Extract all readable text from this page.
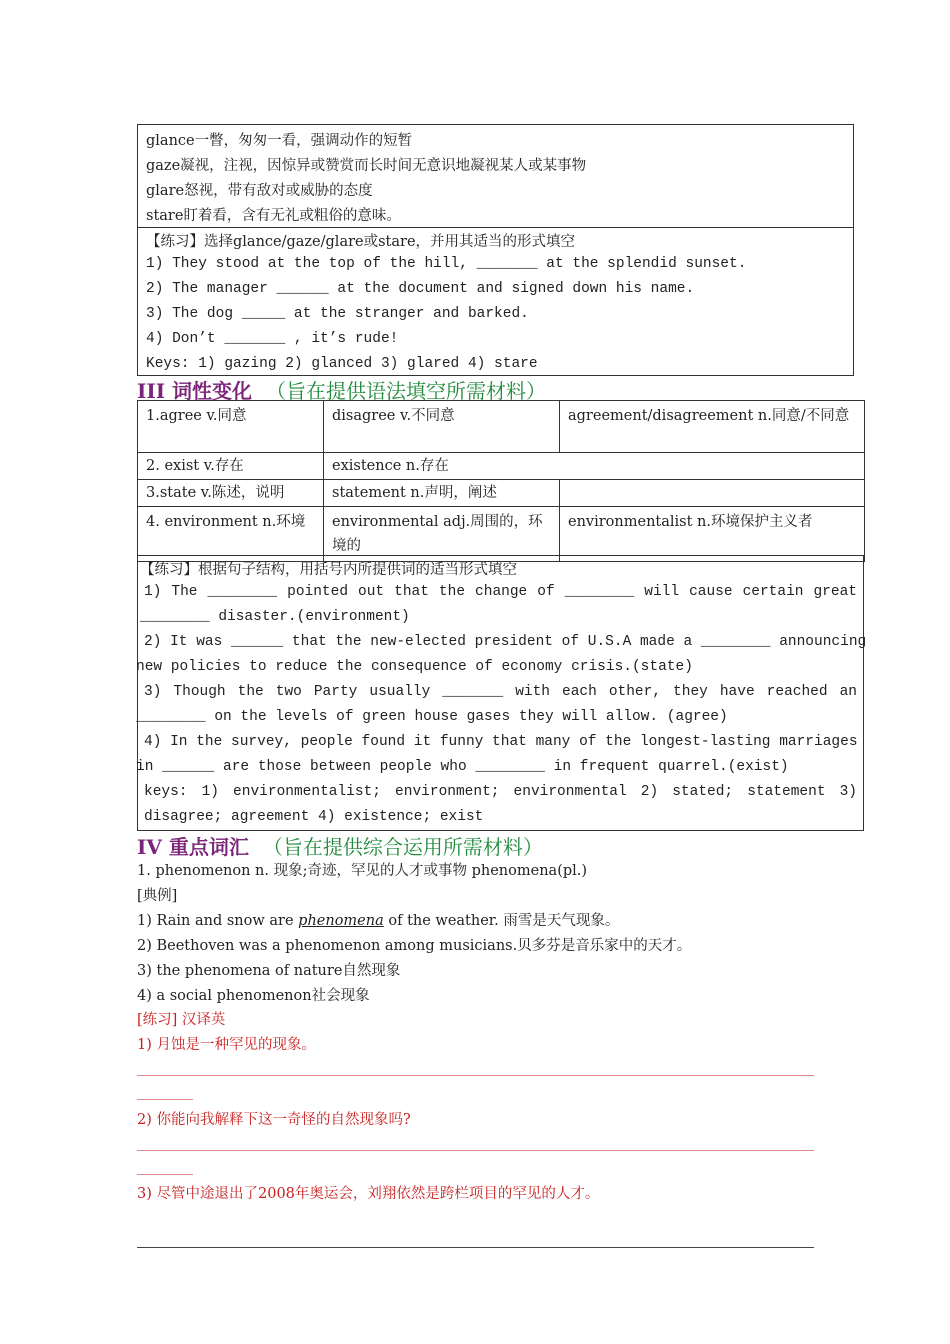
glance一瞥，匆匆一看，强调动作的短暂
gaze凝视，注视，因惊异或赞赏而长时间无意识地凝视某人或某事物
glare怒视，带有敌对或威胁的态度
stare盯着看，含有无礼或粗俗的意味。
【练习】选择glance/gaze/glare或stare，并用其适当的形式填空
1) They stood at the top of the hill, _______ at the splendid sunset.
2) The manager ______ at the document and signed down his name.
3) The dog _____ at the stranger and barked.
4) Don’t _______ , it’s rude!
Keys: 1) gazing 2) glanced 3) glared 4) stare
III 词性变化 （旨在提供语法填空所需材料）
1.agree v.同意	disagree v.不同意	agreement/disagreement n.同意/不同意
2. exist v.存在	existence n.存在	
3.state v.陈述，说明	statement n.声明，阐述	
4. environment n.环境	environmental adj.周围的，环境的	environmentalist n.环境保护主义者
【练习】根据句子结构，用括号内所提供词的适当形式填空
1) The ________ pointed out that the change of ________ will cause certain great
________ disaster.(environment)
2) It was ______ that the new-elected president of U.S.A made a ________ announcing
new policies to reduce the consequence of economy crisis.(state)
3) Though the two Party usually _______ with each other, they have reached an
________ on the levels of green house gases they will allow. (agree)
4) In the survey, people found it funny that many of the longest-lasting marriages
in ______ are those between people who ________ in frequent quarrel.(exist)
keys: 1) environmentalist; environment; environmental 2) stated; statement 3)
disagree; agreement 4) existence; exist
IV 重点词汇 （旨在提供综合运用所需材料）
1. phenomenon n. 现象;奇迹，罕见的人才或事物 phenomena(pl.)
[典例]
1) Rain and snow are phenomena of the weather. 雨雪是天气现象。
2) Beethoven was a phenomenon among musicians.贝多芬是音乐家中的天才。
3) the phenomena of nature自然现象
4) a social phenomenon社会现象
[练习] 汉译英
1) 月蚀是一种罕见的现象。
2) 你能向我解释下这一奇怪的自然现象吗?
3) 尽管中途退出了2008年奥运会，刘翔依然是跨栏项目的罕见的人才。
